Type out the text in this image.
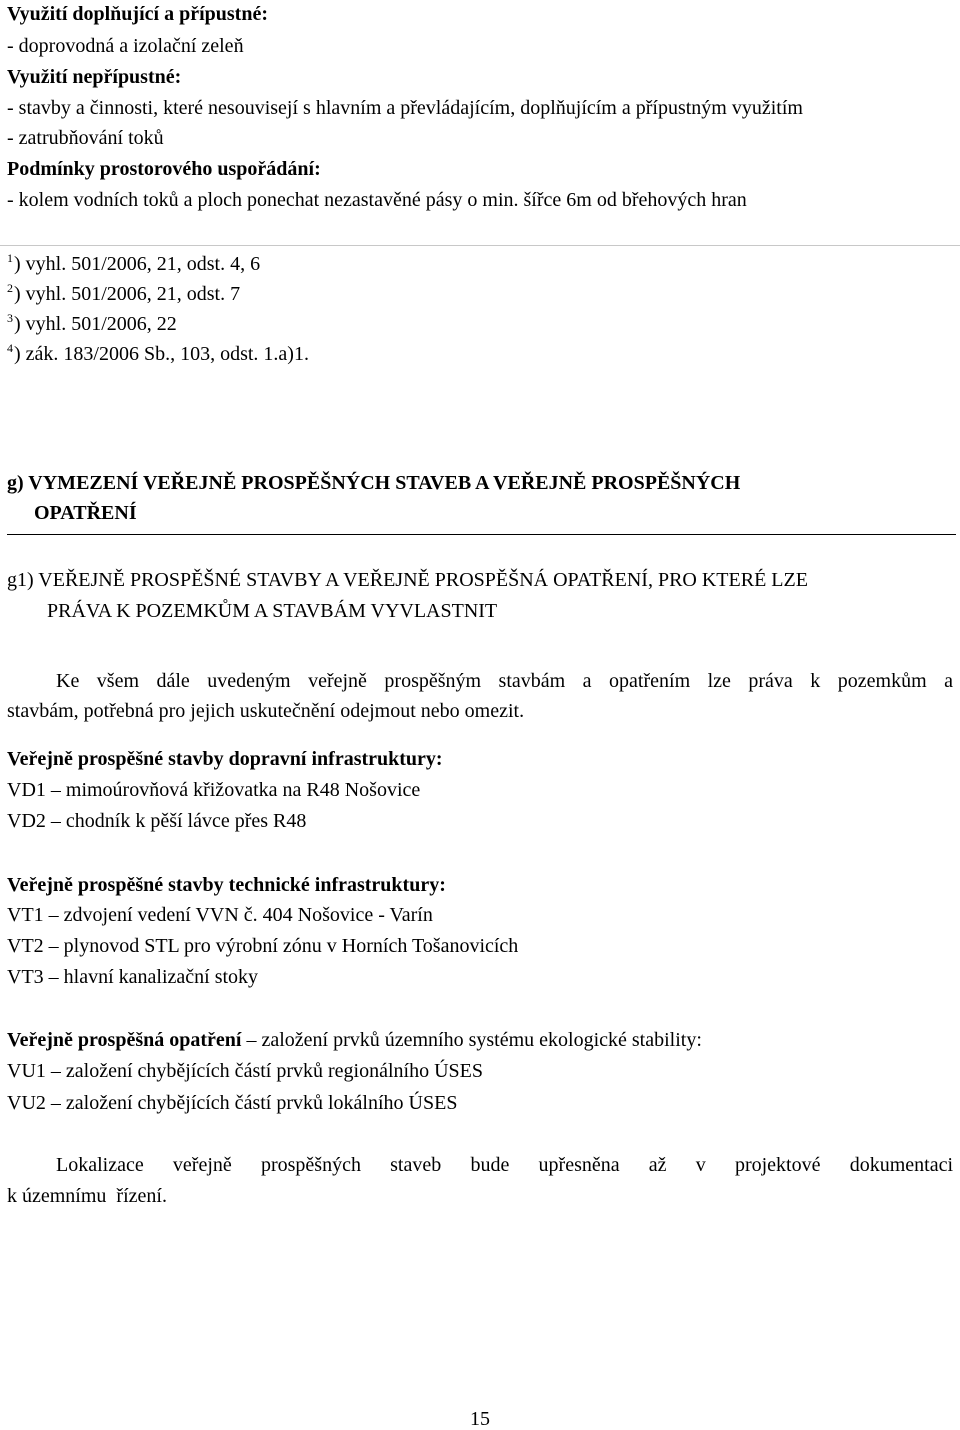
Využití doplňující a přípustné:
- doprovodná a izolační zeleň
Využití nepřípustné:
- stavby a činnosti, které nesouvisejí s hlavním a převládajícím, doplňujícím a přípustným využitím
- zatrubňování toků
Podmínky prostorového uspořádání:
- kolem vodních toků a ploch ponechat nezastavěné pásy o min. šířce 6m od břehových hran
$^1$) vyhl. 501/2006, 21, odst. 4, 6
$^2$) vyhl. 501/2006, 21, odst. 7
$^3$) vyhl. 501/2006, 22
$^4$) zák. 183/2006 Sb., 103, odst. 1.a)1.
g) VYMEZENÍ VEŘEJNĚ PROSPĚŠNÝCH STAVEB A VEŘEJNĚ PROSPĚŠNÝCH
OPATŘENÍ
g1) VEŘEJNĚ PROSPĚŠNÉ STAVBY A VEŘEJNĚ PROSPĚŠNÁ OPATŘENÍ, PRO KTERÉ LZE
PRÁVA K POZEMKŮM A STAVBÁM VYVLASTNIT
Ke všem dále uvedeným veřejně prospěšným stavbám a opatřením lze práva k pozemkům a
stavbám, potřebná pro jejich uskutečnění odejmout nebo omezit.
Veřejně prospěšné stavby dopravní infrastruktury:
VD1 – mimoúrovňová křižovatka na R48 Nošovice
VD2 – chodník k pěší lávce přes R48
Veřejně prospěšné stavby technické infrastruktury:
VT1 – zdvojení vedení VVN č. 404 Nošovice - Varín
VT2 – plynovod STL pro výrobní zónu v Horních Tošanovicích
VT3 – hlavní kanalizační stoky
Veřejně prospěšná opatření – založení prvků územního systému ekologické stability:
VU1 – založení chybějících částí prvků regionálního ÚSES
VU2 – založení chybějících částí prvků lokálního ÚSES
Lokalizace veřejně prospěšných staveb bude upřesněna až v projektové dokumentaci
k územnímu  řízení.
15
